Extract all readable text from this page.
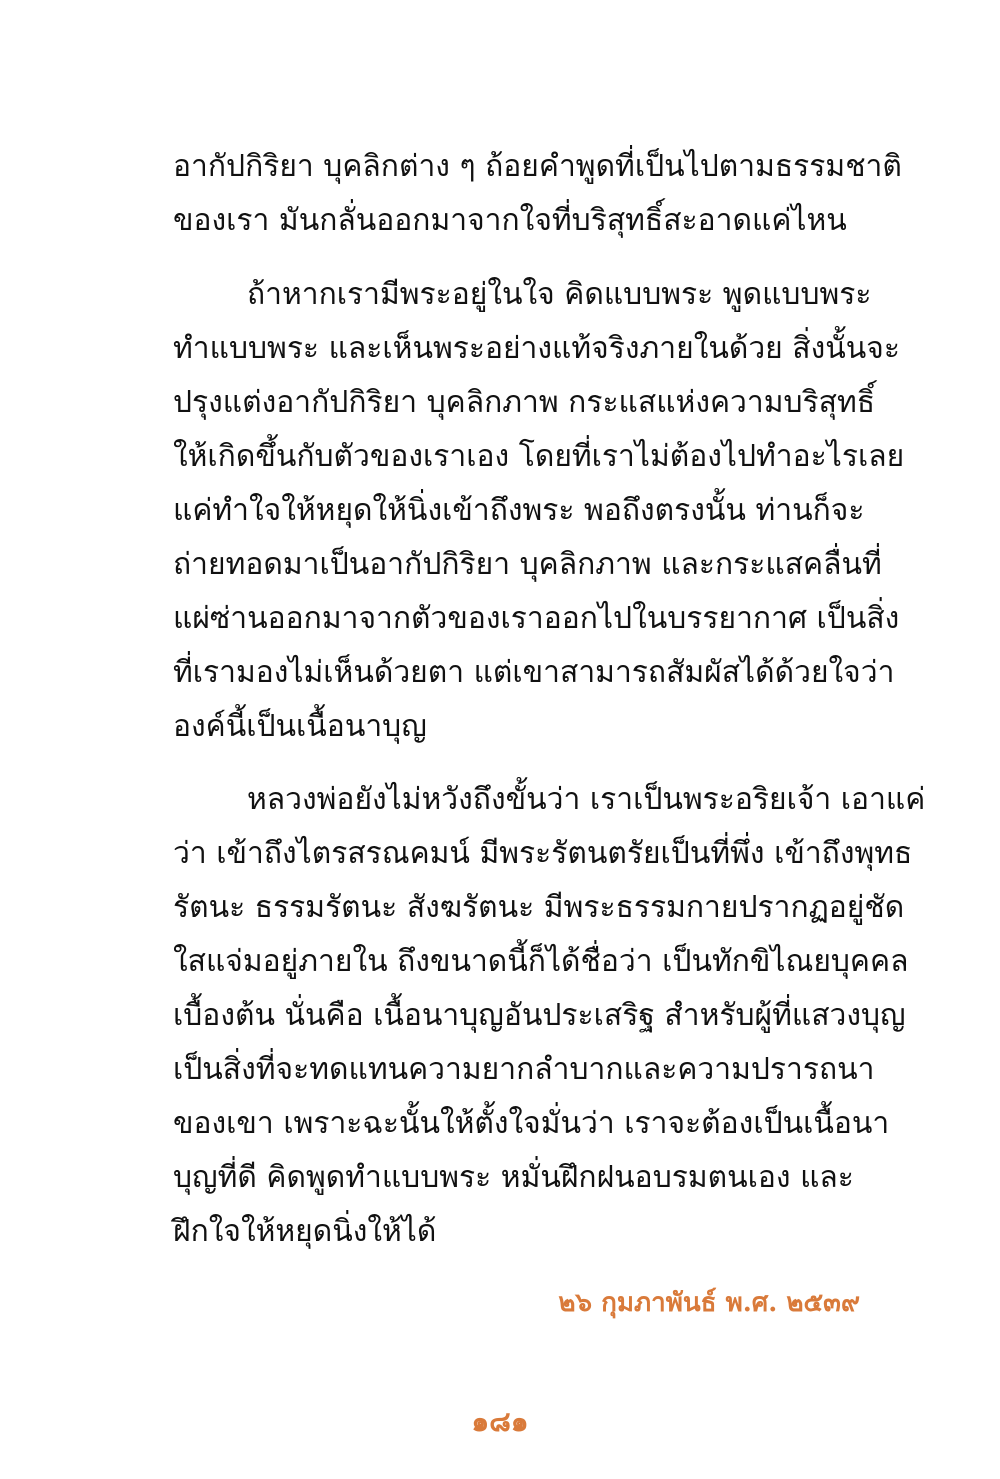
อากัปกิริยา บุคลิกต่าง ๆ ถ้อยคำพูดที่เป็นไปตามธรรมชาติ
ของเรา มันกลั่นออกมาจากใจที่บริสุทธิ์สะอาดแค่ไหน
ถ้าหากเรามีพระอยู่ในใจ คิดแบบพระ พูดแบบพระ
ทำแบบพระ และเห็นพระอย่างแท้จริงภายในด้วย สิ่งนั้นจะ
ปรุงแต่งอากัปกิริยา บุคลิกภาพ กระแสแห่งความบริสุทธิ์
ให้เกิดขึ้นกับตัวของเราเอง โดยที่เราไม่ต้องไปทำอะไรเลย
แค่ทำใจให้หยุดให้นิ่งเข้าถึงพระ พอถึงตรงนั้น ท่านก็จะ
ถ่ายทอดมาเป็นอากัปกิริยา บุคลิกภาพ และกระแสคลื่นที่
แผ่ซ่านออกมาจากตัวของเราออกไปในบรรยากาศ เป็นสิ่ง
ที่เรามองไม่เห็นด้วยตา แต่เขาสามารถสัมผัสได้ด้วยใจว่า
องค์นี้เป็นเนื้อนาบุญ
หลวงพ่อยังไม่หวังถึงขั้นว่า เราเป็นพระอริยเจ้า เอาแค่
ว่า เข้าถึงไตรสรณคมน์ มีพระรัตนตรัยเป็นที่พึ่ง เข้าถึงพุทธ
รัตนะ ธรรมรัตนะ สังฆรัตนะ มีพระธรรมกายปรากฏอยู่ชัด
ใสแจ่มอยู่ภายใน ถึงขนาดนี้ก็ได้ชื่อว่า เป็นทักขิไณยบุคคล
เบื้องต้น นั่นคือ เนื้อนาบุญอันประเสริฐ สำหรับผู้ที่แสวงบุญ
เป็นสิ่งที่จะทดแทนความยากลำบากและความปรารถนา
ของเขา เพราะฉะนั้นให้ตั้งใจมั่นว่า เราจะต้องเป็นเนื้อนา
บุญที่ดี คิดพูดทำแบบพระ หมั่นฝึกฝนอบรมตนเอง และ
ฝึกใจให้หยุดนิ่งให้ได้
๒๖ กุมภาพันธ์ พ.ศ. ๒๕๓๙
๑๘๑
